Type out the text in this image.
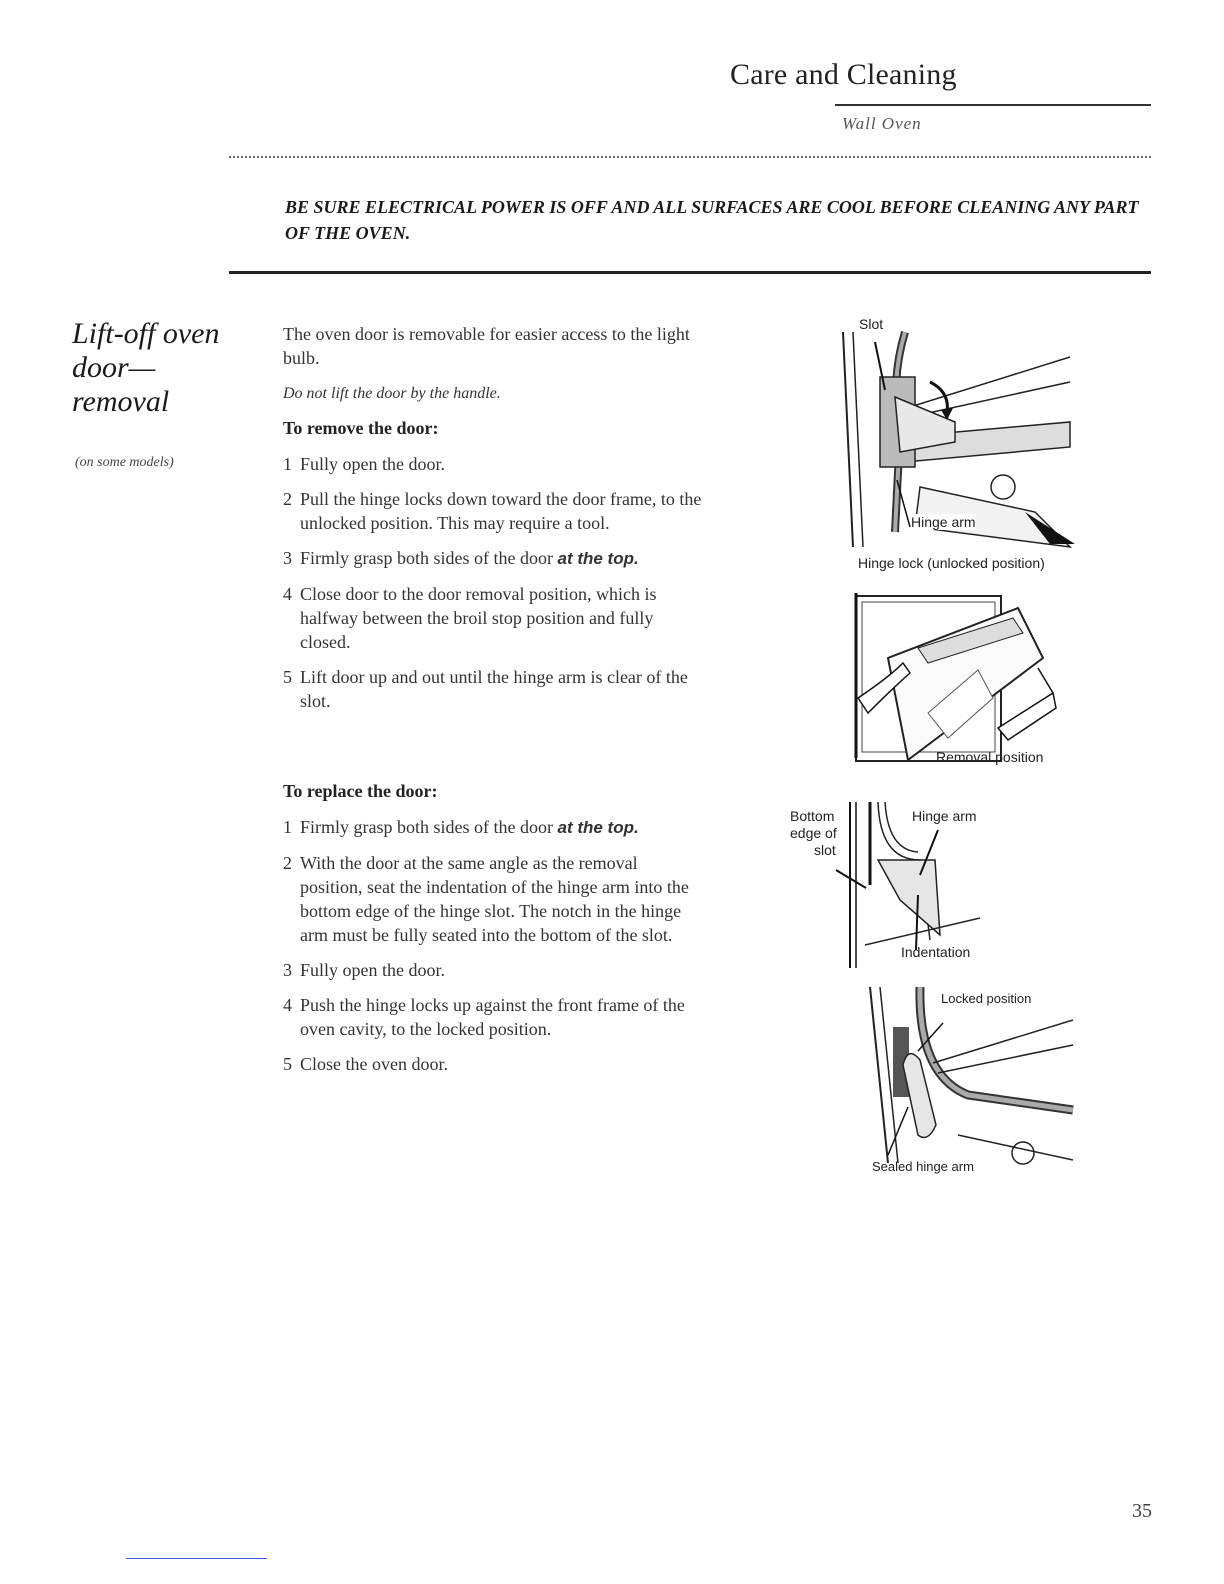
Care and Cleaning
Wall Oven
BE SURE ELECTRICAL POWER IS OFF AND ALL SURFACES ARE COOL BEFORE CLEANING ANY PART OF THE OVEN.
Lift-off oven door— removal
(on some models)

The oven door is removable for easier access to the light bulb.

Do not lift the door by the handle.

To remove the door:

1 Fully open the door.
2 Pull the hinge locks down toward the door frame, to the unlocked position. This may require a tool.
3 Firmly grasp both sides of the door at the top.
4 Close door to the door removal position, which is halfway between the broil stop position and fully closed.
5 Lift door up and out until the hinge arm is clear of the slot.

To replace the door:

1 Firmly grasp both sides of the door at the top.
2 With the door at the same angle as the removal position, seat the indentation of the hinge arm into the bottom edge of the hinge slot. The notch in the hinge arm must be fully seated into the bottom of the slot.
3 Fully open the door.
4 Push the hinge locks up against the front frame of the oven cavity, to the locked position.
5 Close the oven door.
Slot
Hinge arm
Hinge lock (unlocked position)
Removal position
Bottom
edge of
slot
Hinge arm
Indentation
Locked position
Sealed hinge arm
35
